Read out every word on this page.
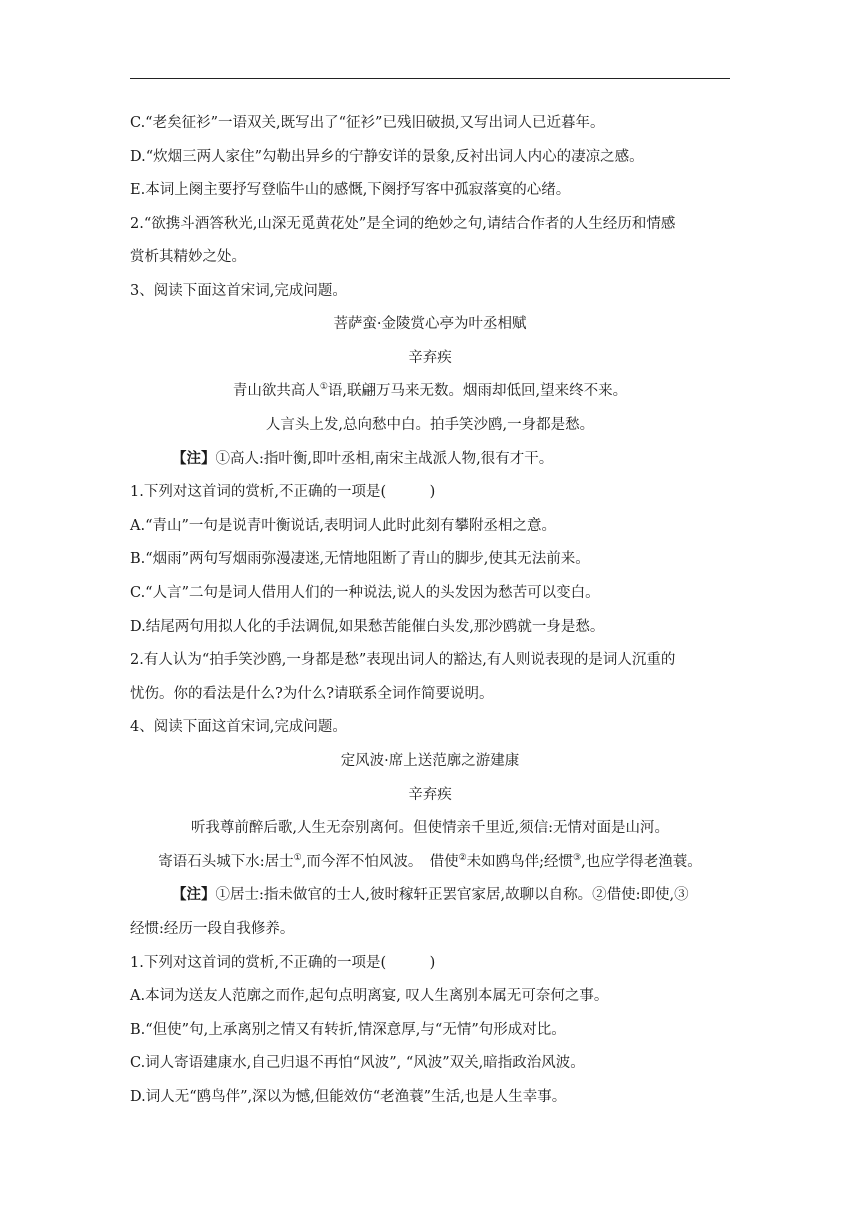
C.“老矣征衫”一语双关,既写出了“征衫”已残旧破损,又写出词人已近暮年。
D.“炊烟三两人家住”勾勒出异乡的宁静安详的景象,反衬出词人内心的凄凉之感。
E.本词上阕主要抒写登临牛山的感慨,下阕抒写客中孤寂落寞的心绪。
2.“欲携斗酒答秋光,山深无觅黄花处”是全词的绝妙之句,请结合作者的人生经历和情感
赏析其精妙之处。
3、阅读下面这首宋词,完成问题。
菩萨蛮·金陵赏心亭为叶丞相赋
辛弃疾
青山欲共高人①语,联翩万马来无数。烟雨却低回,望来终不来。
人言头上发,总向愁中白。拍手笑沙鸥,一身都是愁。
【注】①高人:指叶衡,即叶丞相,南宋主战派人物,很有才干。
1.下列对这首词的赏析,不正确的一项是(　　　)
A.“青山”一句是说青叶衡说话,表明词人此时此刻有攀附丞相之意。
B.“烟雨”两句写烟雨弥漫凄迷,无情地阻断了青山的脚步,使其无法前来。
C.“人言”二句是词人借用人们的一种说法,说人的头发因为愁苦可以变白。
D.结尾两句用拟人化的手法调侃,如果愁苦能催白头发,那沙鸥就一身是愁。
2.有人认为“拍手笑沙鸥,一身都是愁”表现出词人的豁达,有人则说表现的是词人沉重的
忧伤。你的看法是什么?为什么?请联系全词作简要说明。
4、阅读下面这首宋词,完成问题。
定风波·席上送范廓之游建康
辛弃疾
听我尊前醉后歌,人生无奈别离何。但使情亲千里近,须信:无情对面是山河。
寄语石头城下水:居士①,而今浑不怕风波。　借使②未如鸥鸟伴;经惯③,也应学得老渔蓑。
【注】①居士:指未做官的士人,彼时稼轩正罢官家居,故聊以自称。②借使:即使,③
经惯:经历一段自我修养。
1.下列对这首词的赏析,不正确的一项是(　　　)
A.本词为送友人范廓之而作,起句点明离宴, 叹人生离别本属无可奈何之事。
B.“但使”句,上承离别之情又有转折,情深意厚,与“无情”句形成对比。
C.词人寄语建康水,自己归退不再怕“风波”, “风波”双关,暗指政治风波。
D.词人无“鸥鸟伴”,深以为憾,但能效仿“老渔蓑”生活,也是人生幸事。
